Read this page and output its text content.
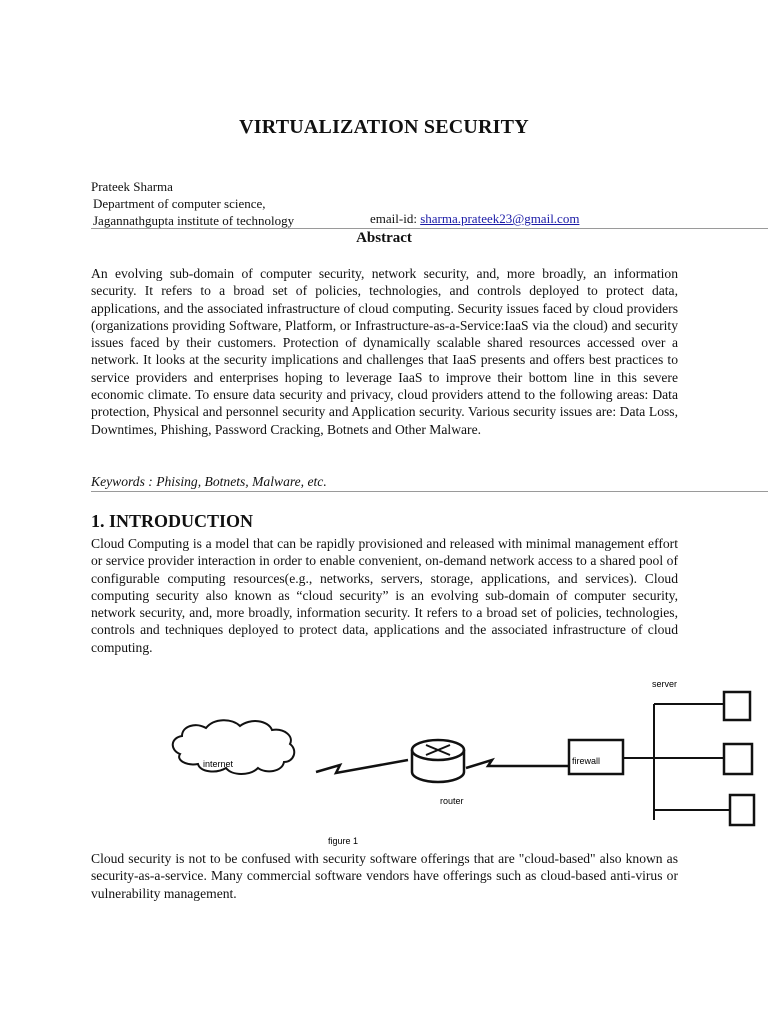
VIRTUALIZATION SECURITY
Prateek Sharma
Department of computer science,
Jagannathgupta institute of technology	email-id: sharma.prateek23@gmail.com
Abstract

An evolving sub-domain of computer security, network security, and, more broadly, an information security. It refers to a broad set of policies, technologies, and controls deployed to protect data, applications, and the associated infrastructure of cloud computing. Security issues faced by cloud providers (organizations providing Software, Platform, or Infrastructure-as-a-Service:IaaS via the cloud) and security issues faced by their customers. Protection of dynamically scalable shared resources accessed over a network. It looks at the security implications and challenges that IaaS presents and offers best practices to service providers and enterprises hoping to leverage IaaS to improve their bottom line in this severe economic climate. To ensure data security and privacy, cloud providers attend to the following areas: Data protection, Physical and personnel security and Application security. Various security issues are: Data Loss, Downtimes, Phishing, Password Cracking, Botnets and Other Malware.

Keywords : Phising, Botnets, Malware, etc.
1. INTRODUCTION

Cloud Computing is a model that can be rapidly provisioned and released with minimal management effort or service provider interaction in order to enable convenient, on-demand network access to a shared pool of configurable computing resources(e.g., networks, servers, storage, applications, and services). Cloud computing security also known as “cloud security” is an evolving sub-domain of computer security, network security, and, more broadly, information security. It refers to a broad set of policies, technologies, controls and techniques deployed to protect data, applications and the associated infrastructure of cloud computing.

internet
router
firewall
server
figure 1

Cloud security is not to be confused with security software offerings that are "cloud-based" also known as security-as-a-service. Many commercial software vendors have offerings such as cloud-based anti-virus or vulnerability management.
